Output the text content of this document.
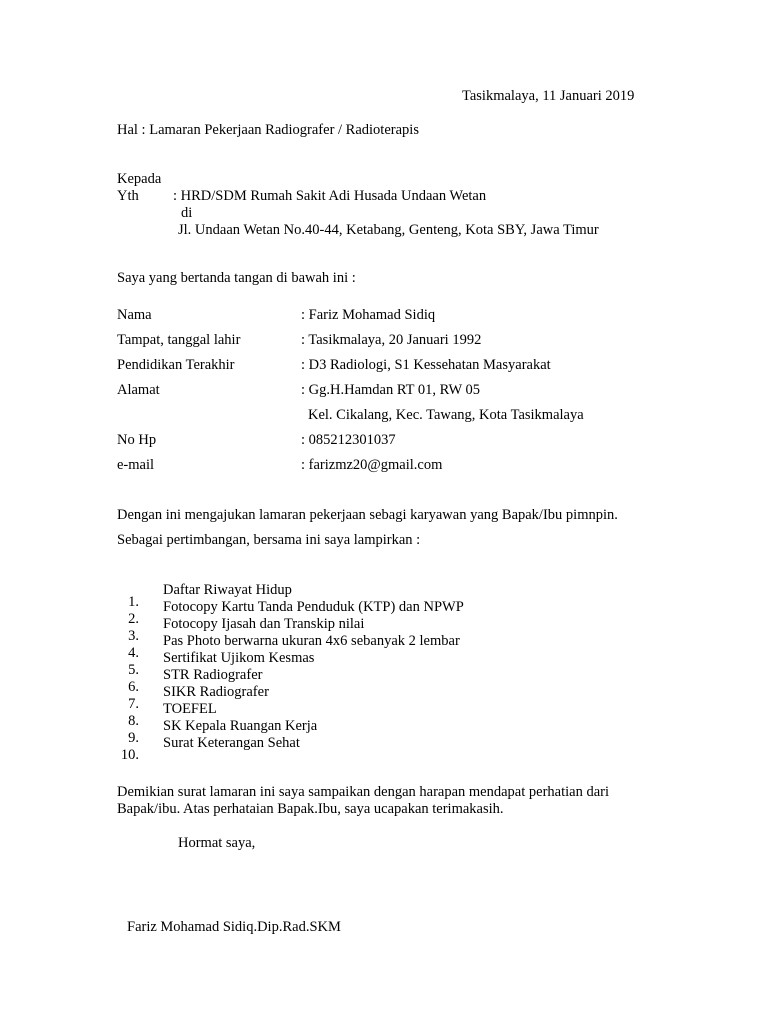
Tasikmalaya, 11 Januari 2019
Hal : Lamaran Pekerjaan Radiografer / Radioterapis
Kepada
Yth : HRD/SDM Rumah Sakit Adi Husada Undaan Wetan
di
Jl. Undaan Wetan No.40-44, Ketabang, Genteng, Kota SBY, Jawa Timur
Saya yang bertanda tangan di bawah ini :
Nama	: Fariz Mohamad Sidiq
Tampat, tanggal lahir	: Tasikmalaya, 20 Januari 1992
Pendidikan Terakhir	: D3 Radiologi, S1 Kessehatan Masyarakat
Alamat	: Gg.H.Hamdan RT 01, RW 05
Kel. Cikalang, Kec. Tawang, Kota Tasikmalaya
No Hp	: 085212301037
e-mail	: farizmz20@gmail.com
Dengan ini mengajukan lamaran pekerjaan sebagi karyawan yang Bapak/Ibu pimnpin.
Sebagai pertimbangan, bersama ini saya lampirkan :
1.
Daftar Riwayat Hidup
2.
Fotocopy Kartu Tanda Penduduk (KTP) dan NPWP
3.
Fotocopy Ijasah dan Transkip nilai
4.
Pas Photo berwarna ukuran 4x6 sebanyak 2 lembar
5.
Sertifikat Ujikom Kesmas
6.
STR Radiografer
7.
SIKR Radiografer
8.
TOEFEL
9.
SK Kepala Ruangan Kerja
10.
Surat Keterangan Sehat
Demikian surat lamaran ini saya sampaikan dengan harapan mendapat perhatian dari
Bapak/ibu. Atas perhataian Bapak.Ibu, saya ucapakan terimakasih.
Hormat saya,
Fariz Mohamad Sidiq.Dip.Rad.SKM
